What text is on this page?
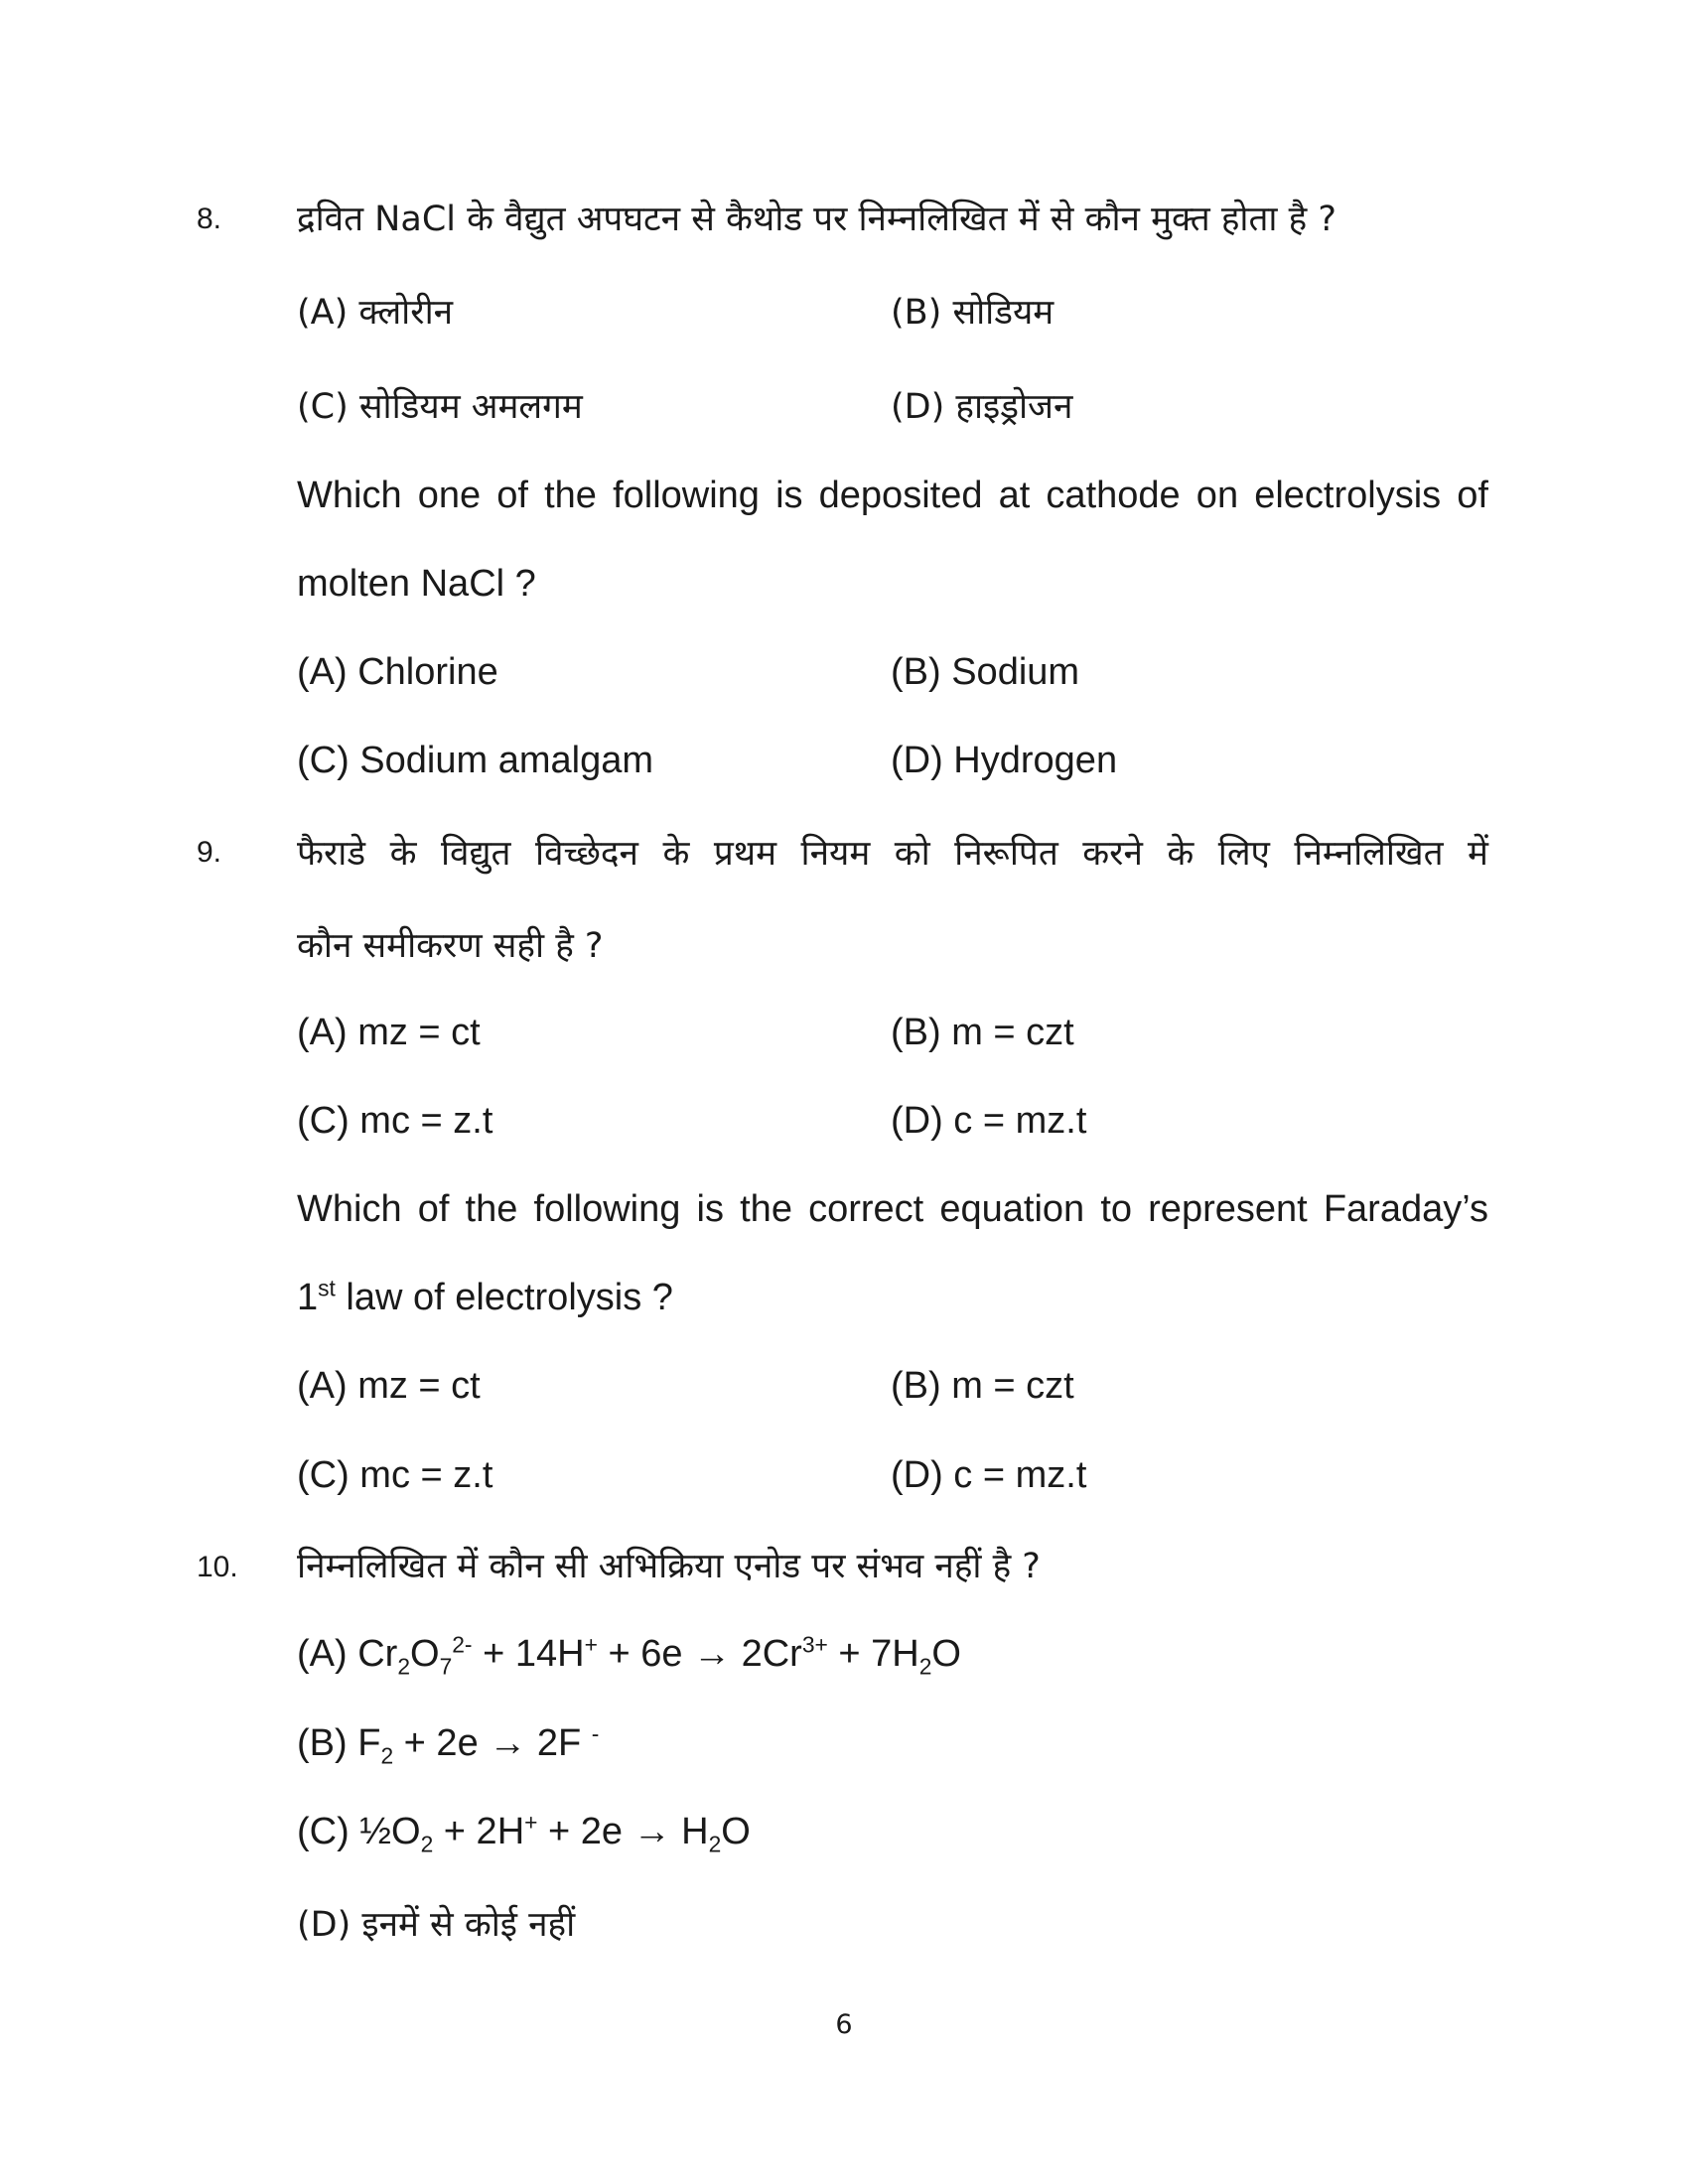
8. द्रवित NaCl के वैद्युत अपघटन से कैथोड पर निम्नलिखित में से कौन मुक्त होता है ?
(A) क्लोरीन	(B) सोडियम
(C) सोडियम अमलगम	(D) हाइड्रोजन
Which one of the following is deposited at cathode on electrolysis of
molten NaCl ?
(A) Chlorine	(B) Sodium
(C) Sodium amalgam	(D) Hydrogen
9. फैराडे के विद्युत विच्छेदन के प्रथम नियम को निरूपित करने के लिए निम्नलिखित में
कौन समीकरण सही है ?
(A) mz = ct	(B) m = czt
(C) mc = z.t	(D) c = mz.t
Which of the following is the correct equation to represent Faraday’s
1st law of electrolysis ?
(A) mz = ct	(B) m = czt
(C) mc = z.t	(D) c = mz.t
10. निम्नलिखित में कौन सी अभिक्रिया एनोड पर संभव नहीं है ?
(A) $Cr_2O_7^{2-} + 14H^+ + 6e \to 2Cr^{3+} + 7H_2O$
(B) $F_2 + 2e \to 2F$ -
(C) $\frac{1}{2}O_2 + 2H^+ + 2e \to H_2O$
(D) इनमें से कोई नहीं
6
